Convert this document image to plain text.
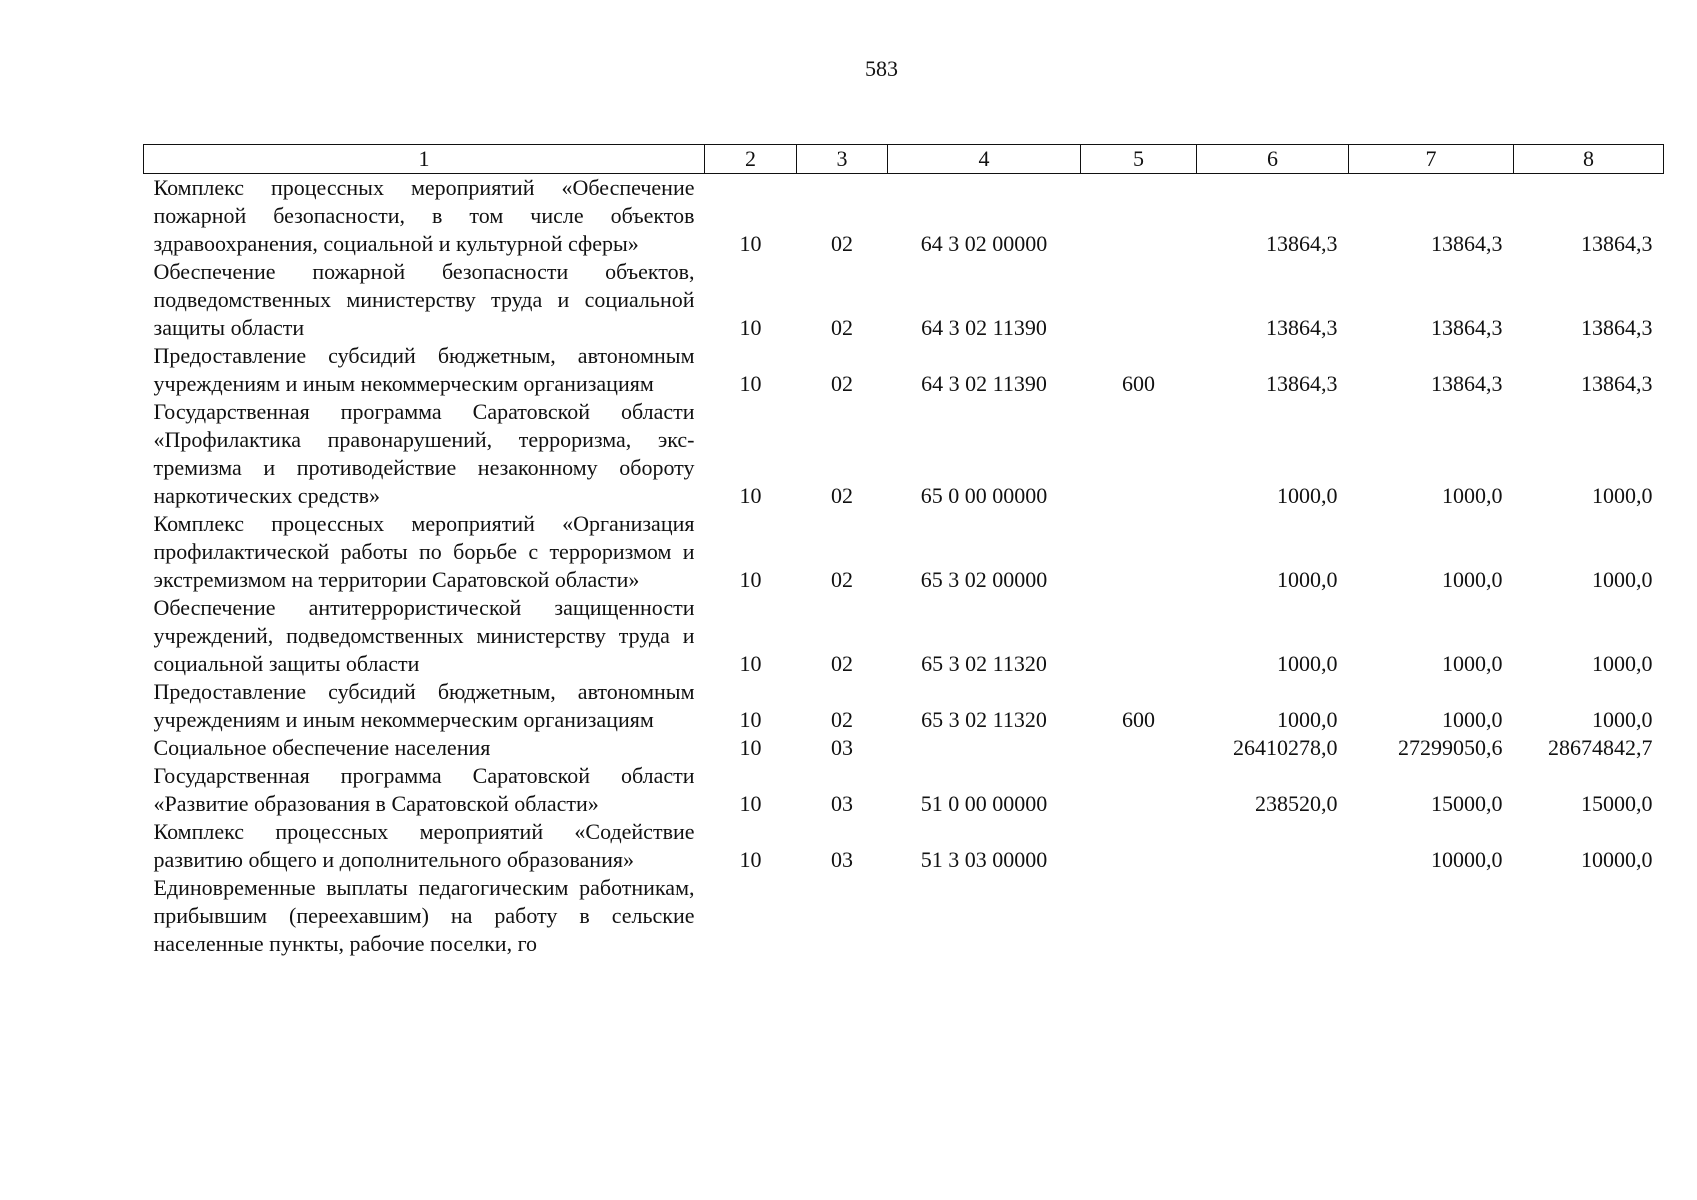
583
1	2	3	4	5	6	7	8
Комплекс процессных мероприятий «Обеспечение пожарной безопасности, в том числе объектов здравоохранения, социальной и культурной сферы»	10	02	64 3 02 00000		13864,3	13864,3	13864,3
Обеспечение пожарной безопасности объектов, подведомственных министерству труда и социальной защиты области	10	02	64 3 02 11390		13864,3	13864,3	13864,3
Предоставление субсидий бюджетным, автономным учреждениям и иным некоммерческим организациям	10	02	64 3 02 11390	600	13864,3	13864,3	13864,3
Государственная программа Саратовской области «Профилактика правонарушений, терроризма, экстремизма и противодействие незаконному обороту наркотических средств»	10	02	65 0 00 00000		1000,0	1000,0	1000,0
Комплекс процессных мероприятий «Организация профилактической работы по борьбе с терроризмом и экстремизмом на территории Саратовской области»	10	02	65 3 02 00000		1000,0	1000,0	1000,0
Обеспечение антитеррористической защищенности учреждений, подведомственных министерству труда и социальной защиты области	10	02	65 3 02 11320		1000,0	1000,0	1000,0
Предоставление субсидий бюджетным, автономным учреждениям и иным некоммерческим организациям	10	02	65 3 02 11320	600	1000,0	1000,0	1000,0
Социальное обеспечение населения	10	03			26410278,0	27299050,6	28674842,7
Государственная программа Саратовской области «Развитие образования в Саратовской области»	10	03	51 0 00 00000		238520,0	15000,0	15000,0
Комплекс процессных мероприятий «Содействие развитию общего и дополнительного образования»	10	03	51 3 03 00000			10000,0	10000,0
Единовременные выплаты педагогическим работникам, прибывшим (переехавшим) на работу в сельские населенные пункты, рабочие поселки, го							
